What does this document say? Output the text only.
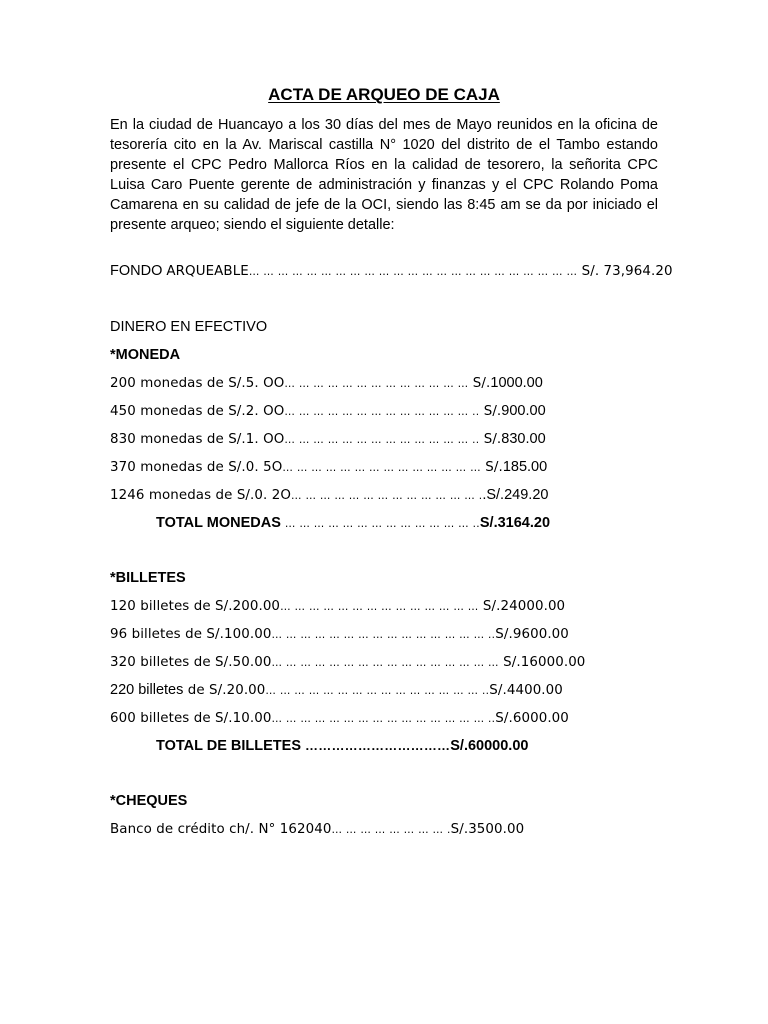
ACTA DE ARQUEO DE CAJA
En la ciudad de Huancayo a los 30 días del mes de Mayo reunidos en la oficina de tesorería cito en la Av. Mariscal castilla N° 1020 del distrito de el Tambo estando presente el CPC Pedro Mallorca Ríos en la calidad de tesorero, la señorita CPC Luisa Caro Puente gerente de administración y finanzas y el CPC Rolando Poma Camarena en su calidad de jefe de la OCI, siendo las 8:45 am se da por iniciado el presente arqueo; siendo el siguiente detalle:
FONDO ARQUEABLE… … … … … … … … … … … … … … … … … … … … … … … S/. 73,964.20
DINERO EN EFECTIVO
*MONEDA
200 monedas de S/.5. OO… … … … … … … … … … … … … S/.1000.00
450 monedas de S/.2. OO… … … … … … … … … … … … … .. S/.900.00
830 monedas de S/.1. OO… … … … … … … … … … … … … .. S/.830.00
370 monedas de S/.0. 5O… … … … … … … … … … … … … … S/.185.00
1246 monedas de S/.0. 2O… … … … … … … … … … … … … ..S/.249.20
TOTAL MONEDAS … … … … … … … … … … … … … ..S/.3164.20
*BILLETES
120 billetes de S/.200.00… … … … … … … … … … … … … … S/.24000.00
96 billetes de S/.100.00… … … … … … … … … … … … … … … ..S/.9600.00
320 billetes de S/.50.00… … … … … … … … … … … … … … … … S/.16000.00
220 billetes de S/.20.00… … … … … … … … … … … … … … … ..S/.4400.00
600 billetes de S/.10.00… … … … … … … … … … … … … … … ..S/.6000.00
TOTAL DE BILLETES ……………………………S/.60000.00
*CHEQUES
Banco de crédito ch/. N° 162040… … … … … … … … .S/.3500.00
